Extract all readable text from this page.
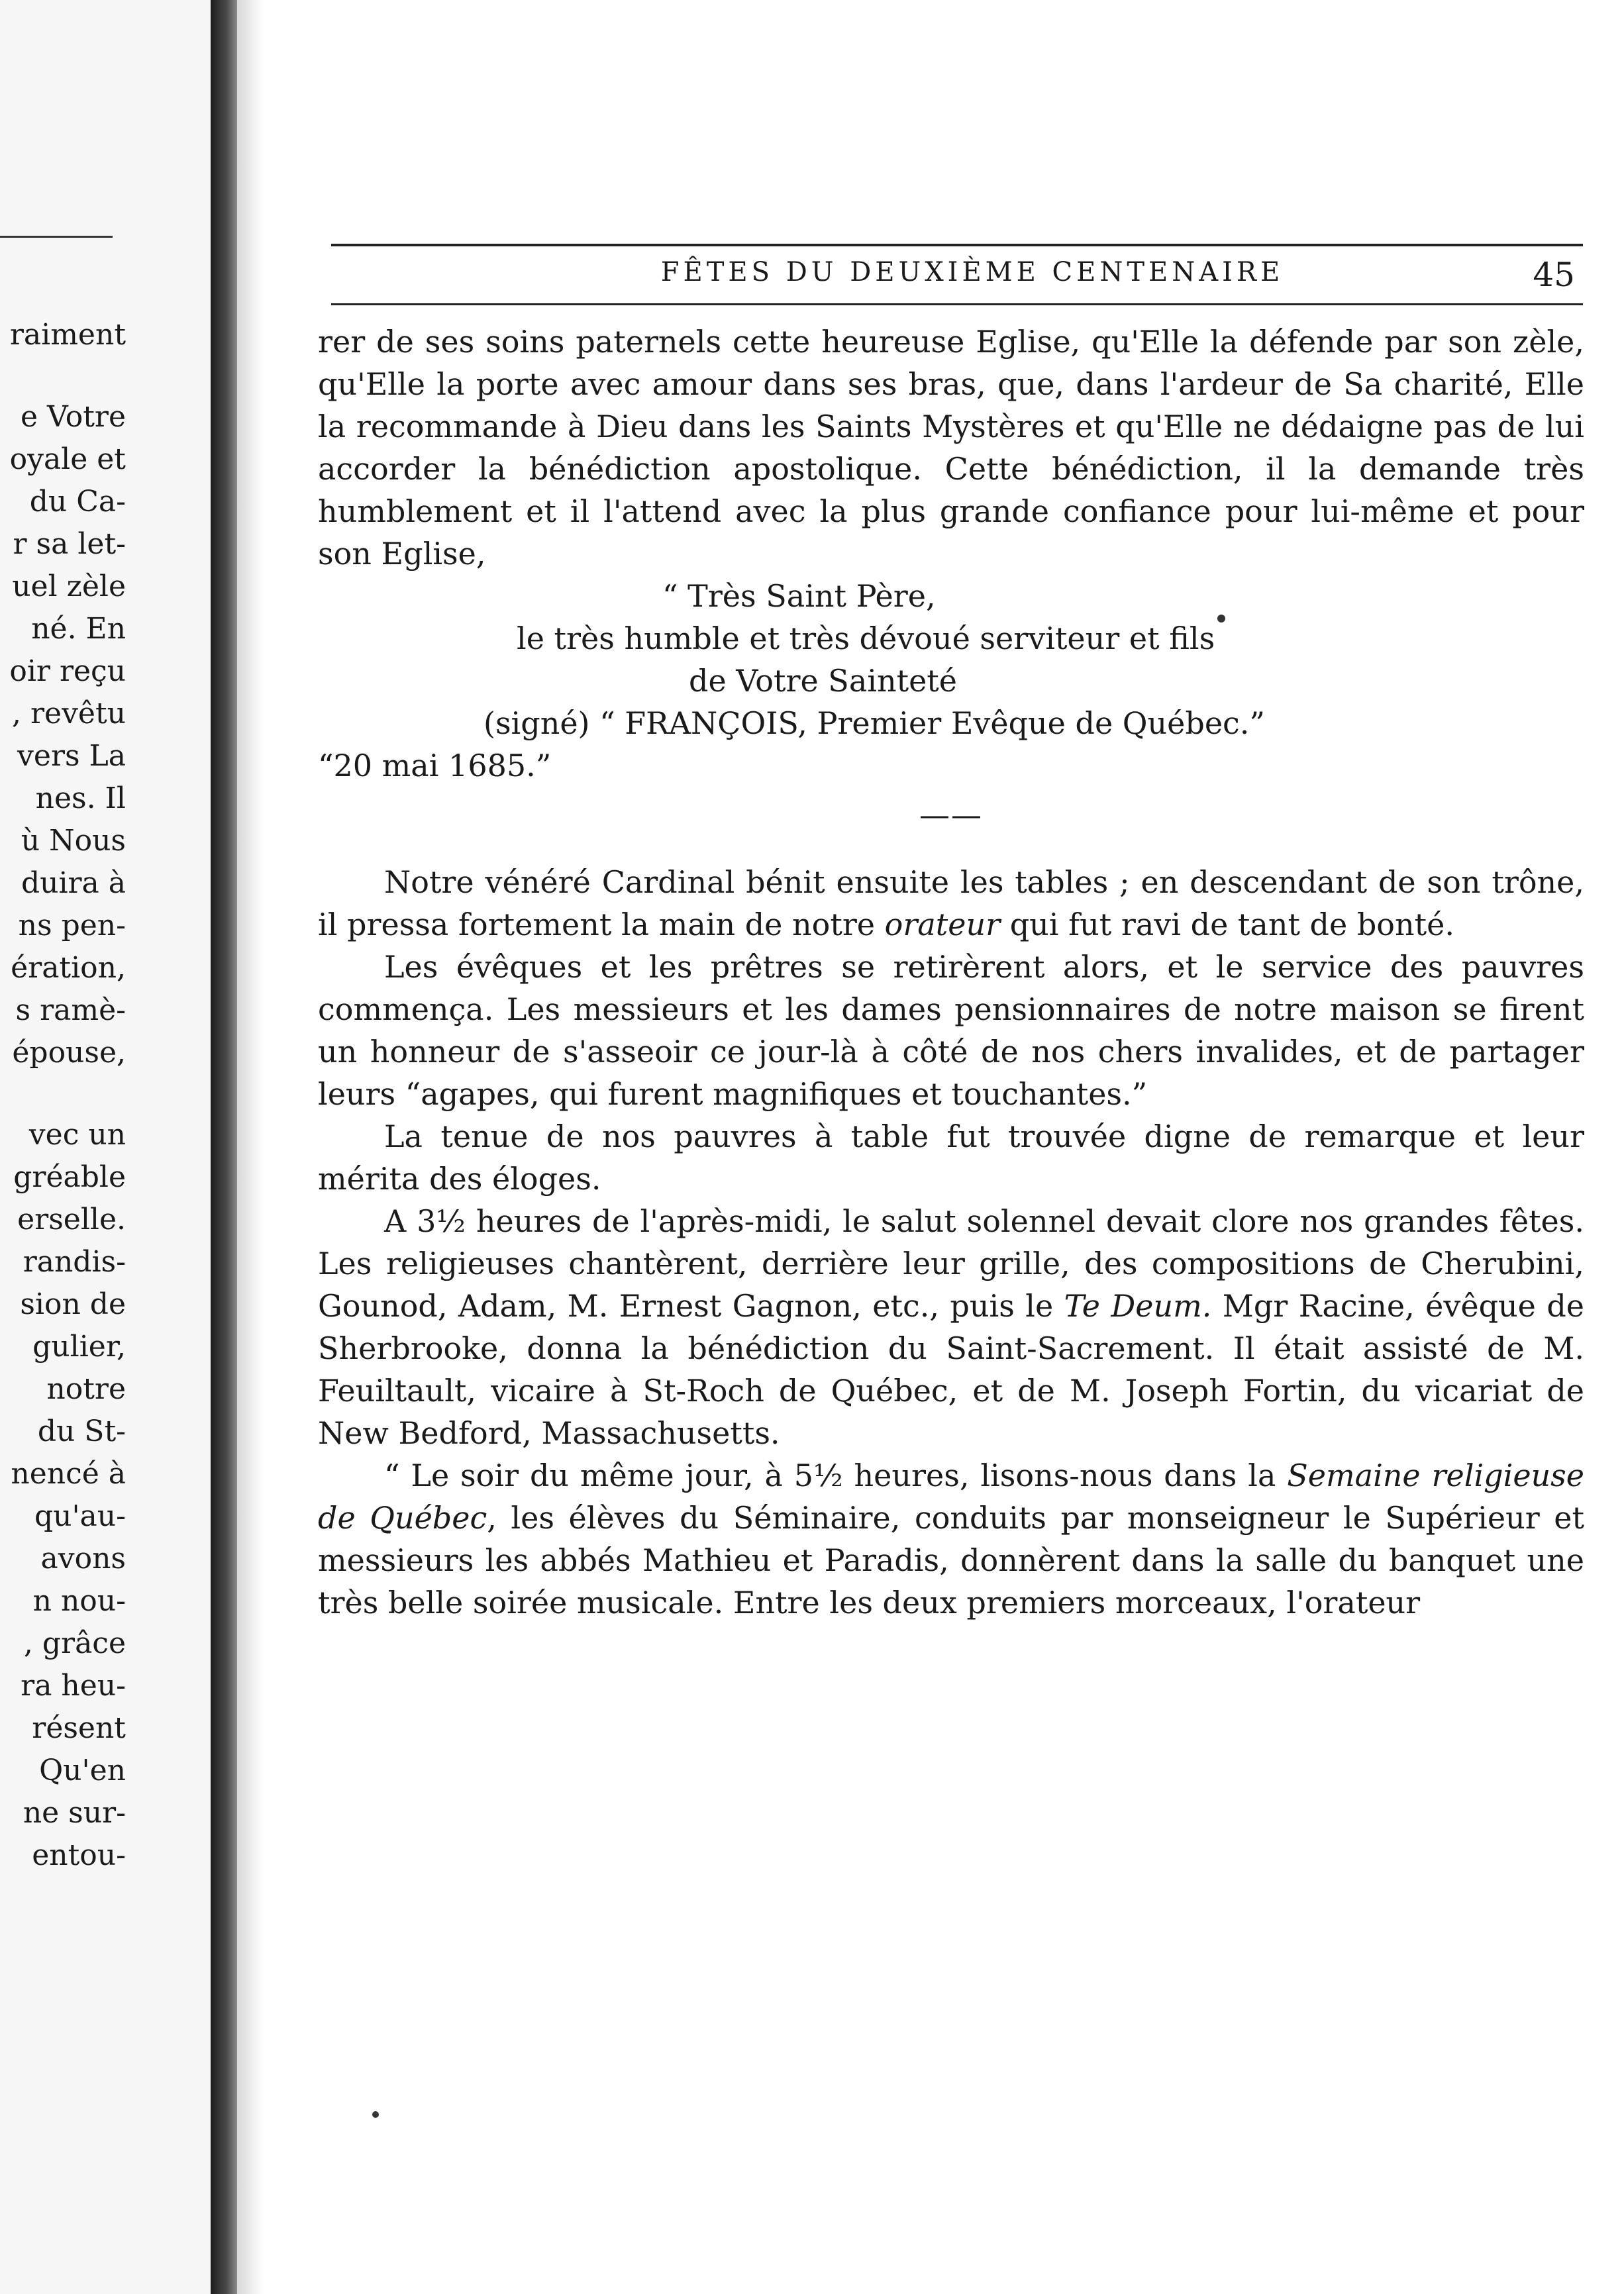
raiment

e Votre
oyale et
du Ca-
r sa let-
uel zèle
né. En
oir reçu
, revêtu
vers La
nes. Il
ù Nous
duira à
ns pen-
ération,
s ramè-
épouse,

vec un
gréable
erselle.
randis-
sion de
gulier,
notre
du St-
nencé à
qu'au-
avons
n nou-
, grâce
ra heu-
résent
Qu'en
ne sur-
entou-
FÊTES DU DEUXIÈME CENTENAIRE	45

rer de ses soins paternels cette heureuse Eglise, qu'Elle la défende par son zèle, qu'Elle la porte avec amour dans ses bras, que, dans l'ardeur de Sa charité, Elle la recommande à Dieu dans les Saints Mystères et qu'Elle ne dédaigne pas de lui accorder la bénédiction apostolique. Cette bénédiction, il la demande très humblement et il l'attend avec la plus grande confiance pour lui-même et pour son Eglise,

“ Très Saint Père,

le très humble et très dévoué serviteur et fils

de Votre Sainteté

(signé) “ FRANÇOIS, Premier Evêque de Québec.”

“20 mai 1685.”

——

Notre vénéré Cardinal bénit ensuite les tables ; en descendant de son trône, il pressa fortement la main de notre orateur qui fut ravi de tant de bonté.

Les évêques et les prêtres se retirèrent alors, et le service des pauvres commença. Les messieurs et les dames pensionnaires de notre maison se firent un honneur de s'asseoir ce jour-là à côté de nos chers invalides, et de partager leurs “agapes, qui furent magnifiques et touchantes.”

La tenue de nos pauvres à table fut trouvée digne de remarque et leur mérita des éloges.

A 3½ heures de l'après-midi, le salut solennel devait clore nos grandes fêtes. Les religieuses chantèrent, derrière leur grille, des compositions de Cherubini, Gounod, Adam, M. Ernest Gagnon, etc., puis le Te Deum. Mgr Racine, évêque de Sherbrooke, donna la bénédiction du Saint-Sacrement. Il était assisté de M. Feuiltault, vicaire à St-Roch de Québec, et de M. Joseph Fortin, du vicariat de New Bedford, Massachusetts.

“ Le soir du même jour, à 5½ heures, lisons-nous dans la Semaine religieuse de Québec, les élèves du Séminaire, conduits par monseigneur le Supérieur et messieurs les abbés Mathieu et Paradis, donnèrent dans la salle du banquet une très belle soirée musicale. Entre les deux premiers morceaux, l'orateur
